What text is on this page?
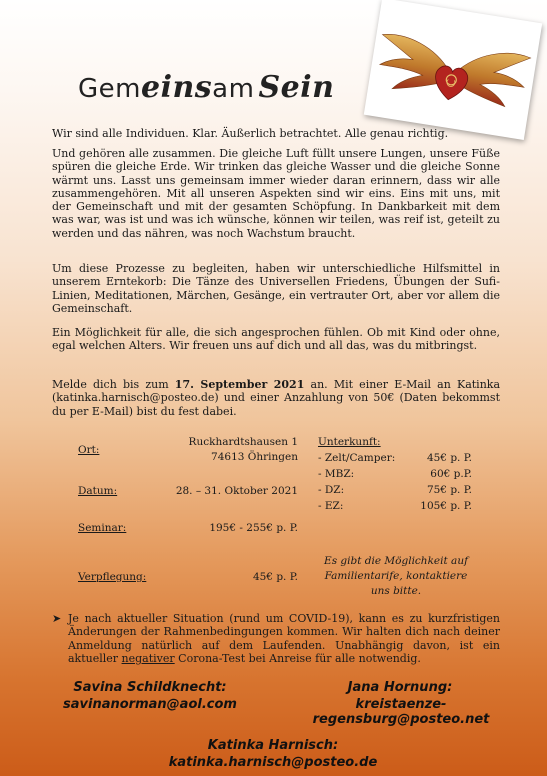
Gemeinsam Sein

Wir sind alle Individuen. Klar. Äußerlich betrachtet. Alle genau richtig.

Und gehören alle zusammen. Die gleiche Luft füllt unsere Lungen, unsere Füße spüren die gleiche Erde. Wir trinken das gleiche Wasser und die gleiche Sonne wärmt uns. Lasst uns gemeinsam immer wieder daran erinnern, dass wir alle zusammengehören. Mit all unseren Aspekten sind wir eins. Eins mit uns, mit der Gemeinschaft und mit der gesamten Schöpfung. In Dankbarkeit mit dem was war, was ist und was ich wünsche, können wir teilen, was reif ist, geteilt zu werden und das nähren, was noch Wachstum braucht.

Um diese Prozesse zu begleiten, haben wir unterschiedliche Hilfsmittel in unserem Erntekorb: Die Tänze des Universellen Friedens, Übungen der Sufi-Linien, Meditationen, Märchen, Gesänge, ein vertrauter Ort, aber vor allem die Gemeinschaft.

Ein Möglichkeit für alle, die sich angesprochen fühlen. Ob mit Kind oder ohne, egal welchen Alters. Wir freuen uns auf dich und all das, was du mitbringst.

Melde dich bis zum 17. September 2021 an. Mit einer E-Mail an Katinka (katinka.harnisch@posteo.de) und einer Anzahlung von 50€ (Daten bekommst du per E-Mail) bist du fest dabei.

Ort:
Ruckhardtshausen 1
74613 Öhringen
Datum:	28. – 31. Oktober 2021
Seminar:	195€ - 255€ p. P.
Verpflegung:	45€ p. P.
Unterkunft:
- Zelt/Camper:	45€ p. P.
- MBZ:	60€ p.P.
- DZ:	75€ p. P.
- EZ:	105€ p. P.
Es gibt die Möglichkeit auf
Familientarife, kontaktiere
uns bitte.
➤ Je nach aktueller Situation (rund um COVID-19), kann es zu kurzfristigen Änderungen der Rahmenbedingungen kommen. Wir halten dich nach deiner Anmeldung natürlich auf dem Laufenden. Unabhängig davon, ist ein aktueller negativer Corona-Test bei Anreise für alle notwendig.

Savina Schildknecht:
savinanorman@aol.com
Jana Hornung:
kreistaenze-regensburg@posteo.net
Katinka Harnisch:
katinka.harnisch@posteo.de
